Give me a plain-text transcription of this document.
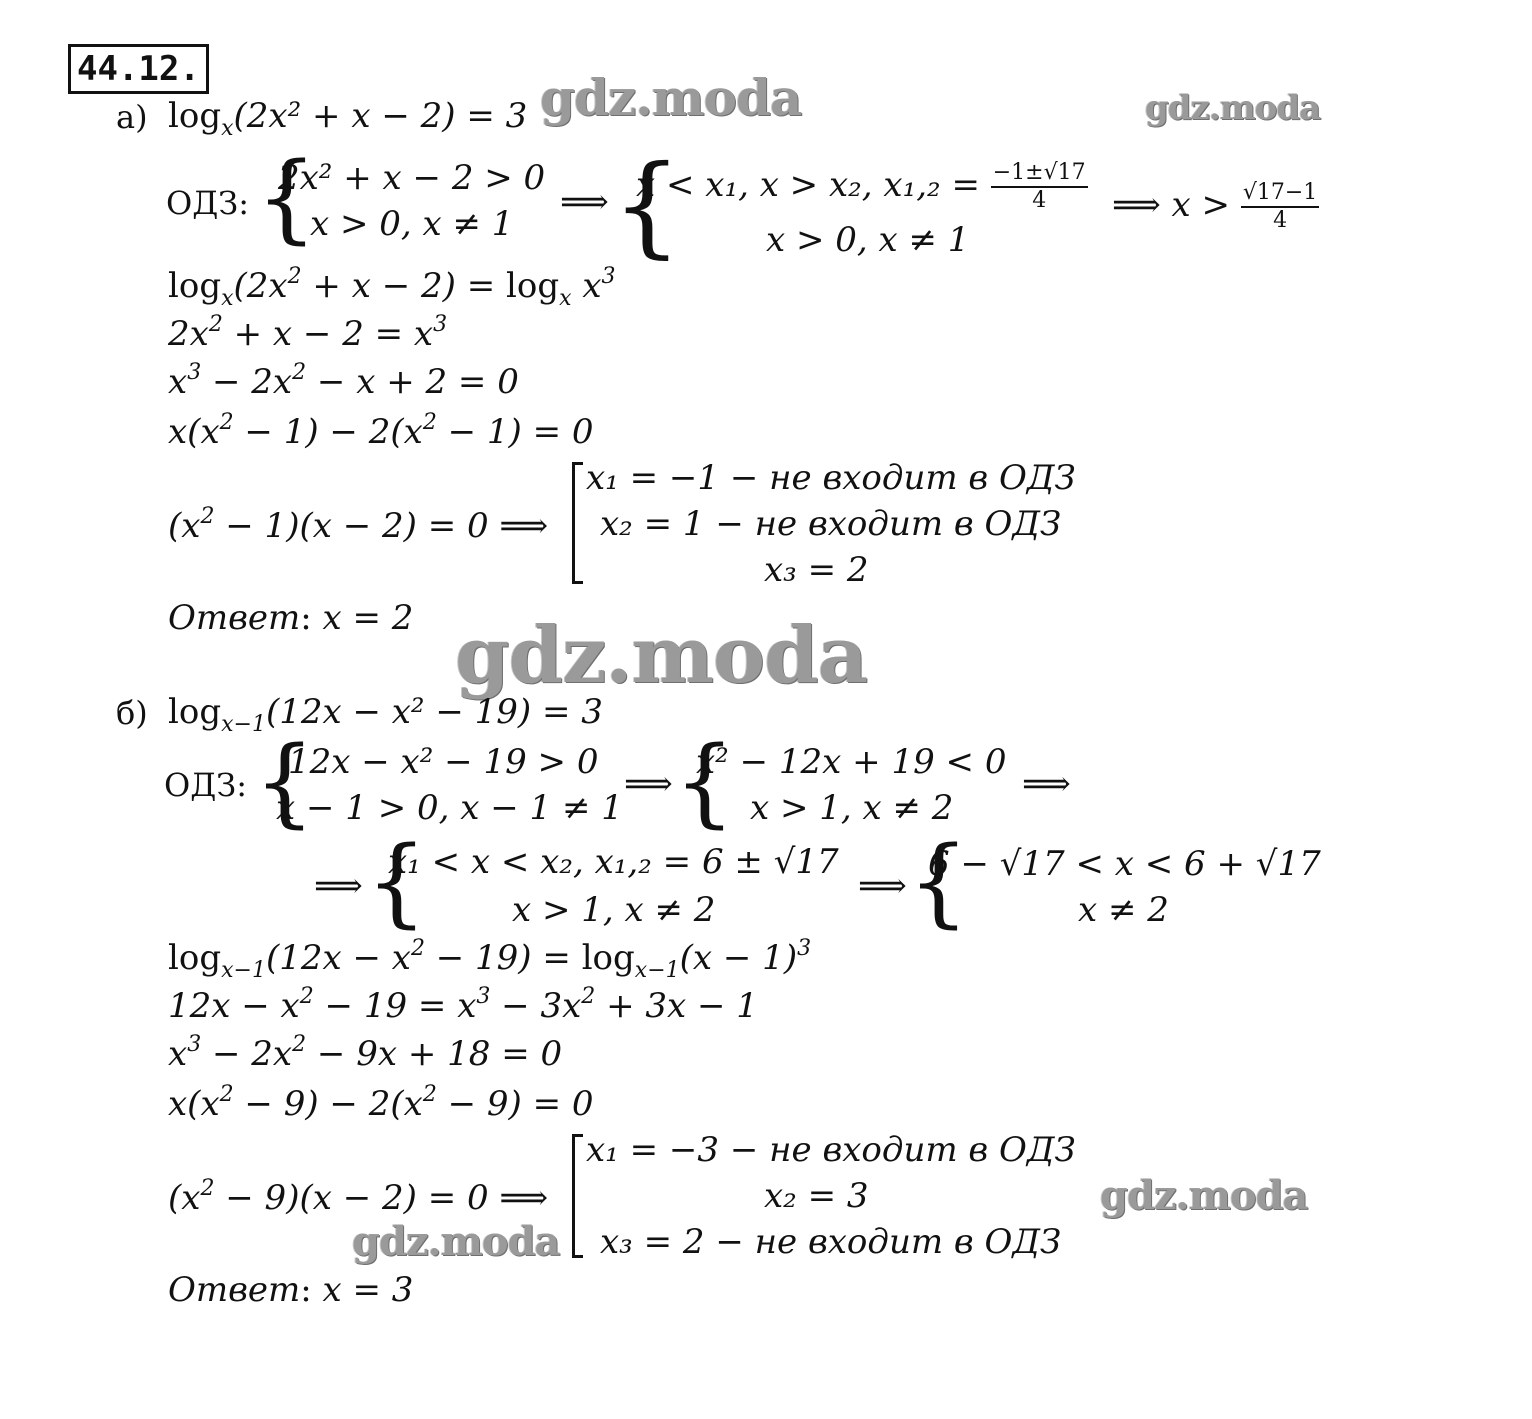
44.12.	gdz.moda	gdz.moda
gdz.moda
gdz.moda
gdz.moda
а) $\log_x(2x^2 + x - 2) = 3$
ОДЗ: {
2x² + x − 2 > 0
x > 0, x ≠ 1
⟹ {
x < x₁, x > x₂, $x_1,_2 = \frac{-1\pm√17}{4}$
x > 0, x ≠ 1
⟹ $x > \frac{√17-1}{4}$
$\log_x(2x^2 + x - 2) = \log_x x^3$
$2x^2 + x - 2 = x^3$
$x^3 - 2x^2 - x + 2 = 0$
$x(x^2 - 1) - 2(x^2 - 1) = 0$
$(x^2 - 1)(x - 2) = 0$ ⟹
x₁ = −1 − не входит в ОДЗ
x₂ = 1 − не входит в ОДЗ
x₃ = 2
Ответ: x = 2
б) $\log_{x-1}(12x - x^2 - 19) = 3$
ОДЗ: {
12x − x² − 19 > 0
x − 1 > 0, x − 1 ≠ 1
⟹ {
x² − 12x + 19 < 0
x > 1, x ≠ 2
⟹
⟹ {
x₁ < x < x₂, x₁,₂ = 6 ± √17
x > 1, x ≠ 2
⟹ {
6 − √17 < x < 6 + √17
x ≠ 2
$\log_{x-1}(12x - x^2 - 19) = \log_{x-1}(x - 1)^3$
$12x - x^2 - 19 = x^3 - 3x^2 + 3x - 1$
$x^3 - 2x^2 - 9x + 18 = 0$
$x(x^2 - 9) - 2(x^2 - 9) = 0$
$(x^2 - 9)(x - 2) = 0$ ⟹
x₁ = −3 − не входит в ОДЗ
x₂ = 3
x₃ = 2 − не входит в ОДЗ
Ответ: x = 3
